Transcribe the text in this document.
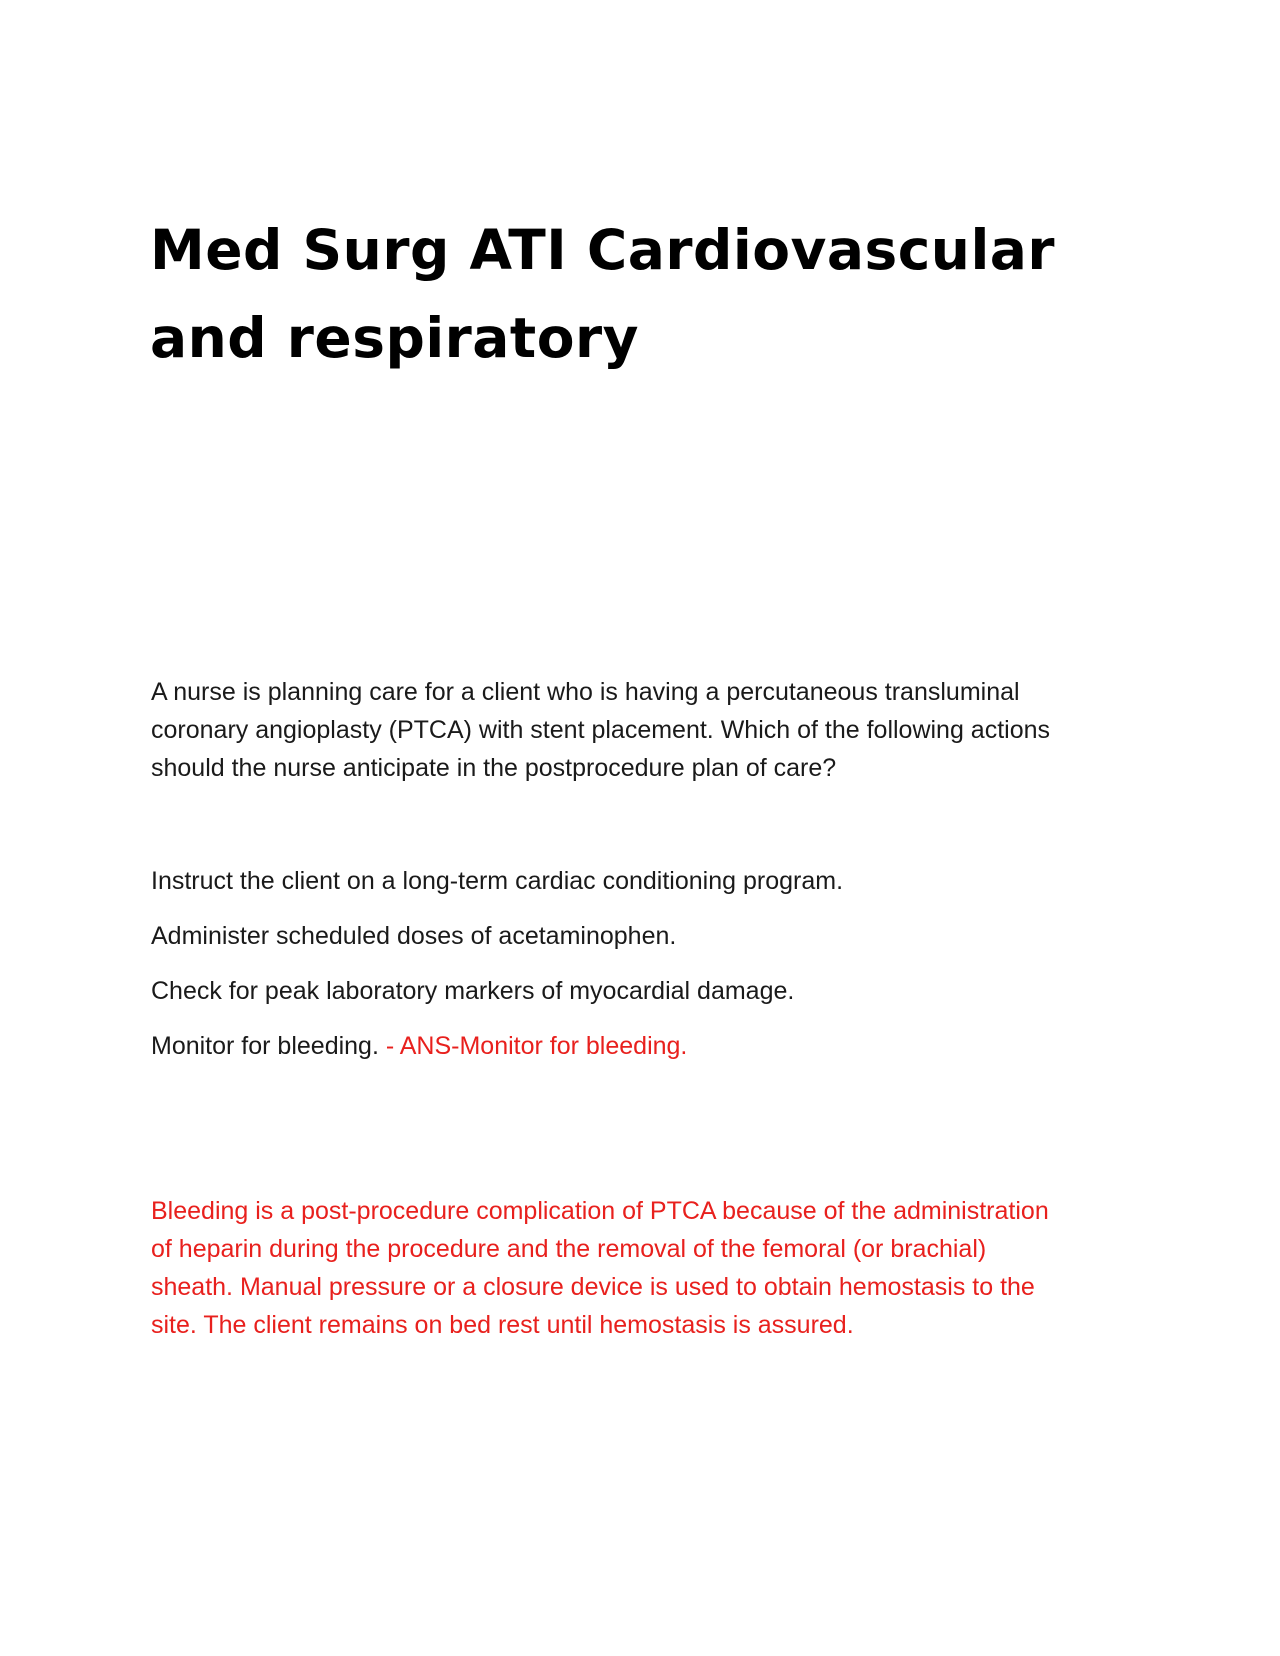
Med Surg ATI Cardiovascular
and respiratory
A nurse is planning care for a client who is having a percutaneous transluminal
coronary angioplasty (PTCA) with stent placement. Which of the following actions
should the nurse anticipate in the postprocedure plan of care?
Instruct the client on a long-term cardiac conditioning program.
Administer scheduled doses of acetaminophen.
Check for peak laboratory markers of myocardial damage.
Monitor for bleeding. - ANS-Monitor for bleeding.
Bleeding is a post-procedure complication of PTCA because of the administration
of heparin during the procedure and the removal of the femoral (or brachial)
sheath. Manual pressure or a closure device is used to obtain hemostasis to the
site. The client remains on bed rest until hemostasis is assured.
